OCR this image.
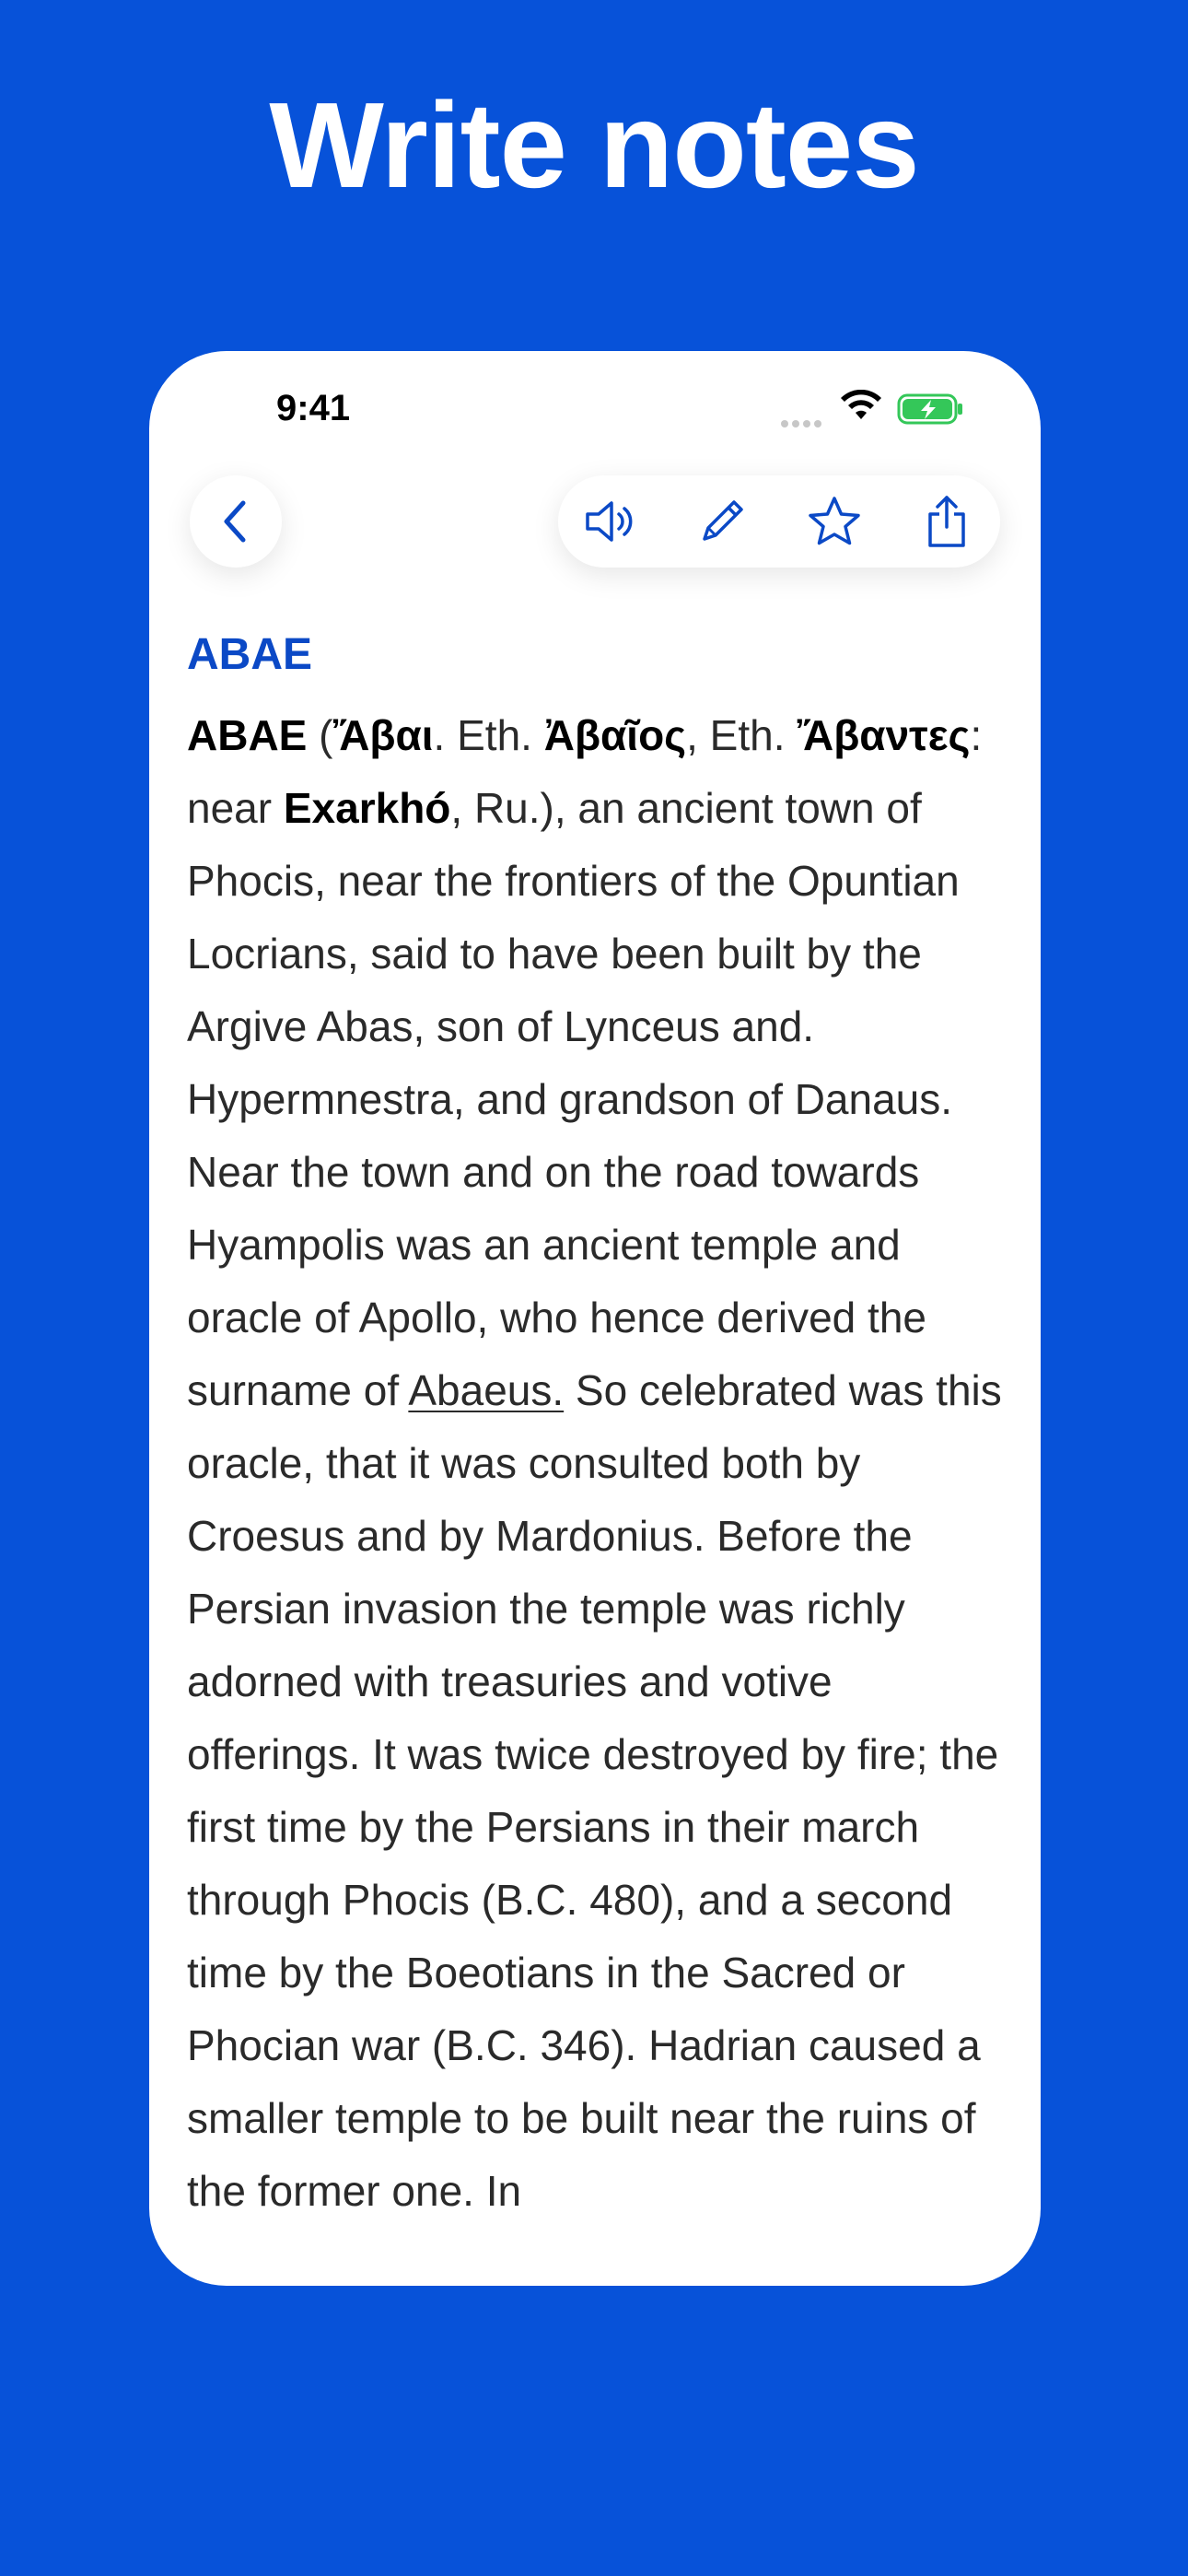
Write notes
9:41
ABAE
ABAE (Ἄβαι. Eth. Ἀβαῖος, Eth. Ἄβαντες: near Exarkhó, Ru.), an ancient town of Phocis, near the frontiers of the Opuntian Locrians, said to have been built by the Argive Abas, son of Lynceus and. Hypermnestra, and grandson of Danaus. Near the town and on the road towards Hyampolis was an ancient temple and oracle of Apollo, who hence derived the surname of Abaeus. So celebrated was this oracle, that it was consulted both by Croesus and by Mardonius. Before the Persian invasion the temple was richly adorned with treasuries and votive offerings. It was twice destroyed by fire; the first time by the Persians in their march through Phocis (B.C. 480), and a second time by the Boeotians in the Sacred or Phocian war (B.C. 346). Hadrian caused a smaller temple to be built near the ruins of the former one. In
